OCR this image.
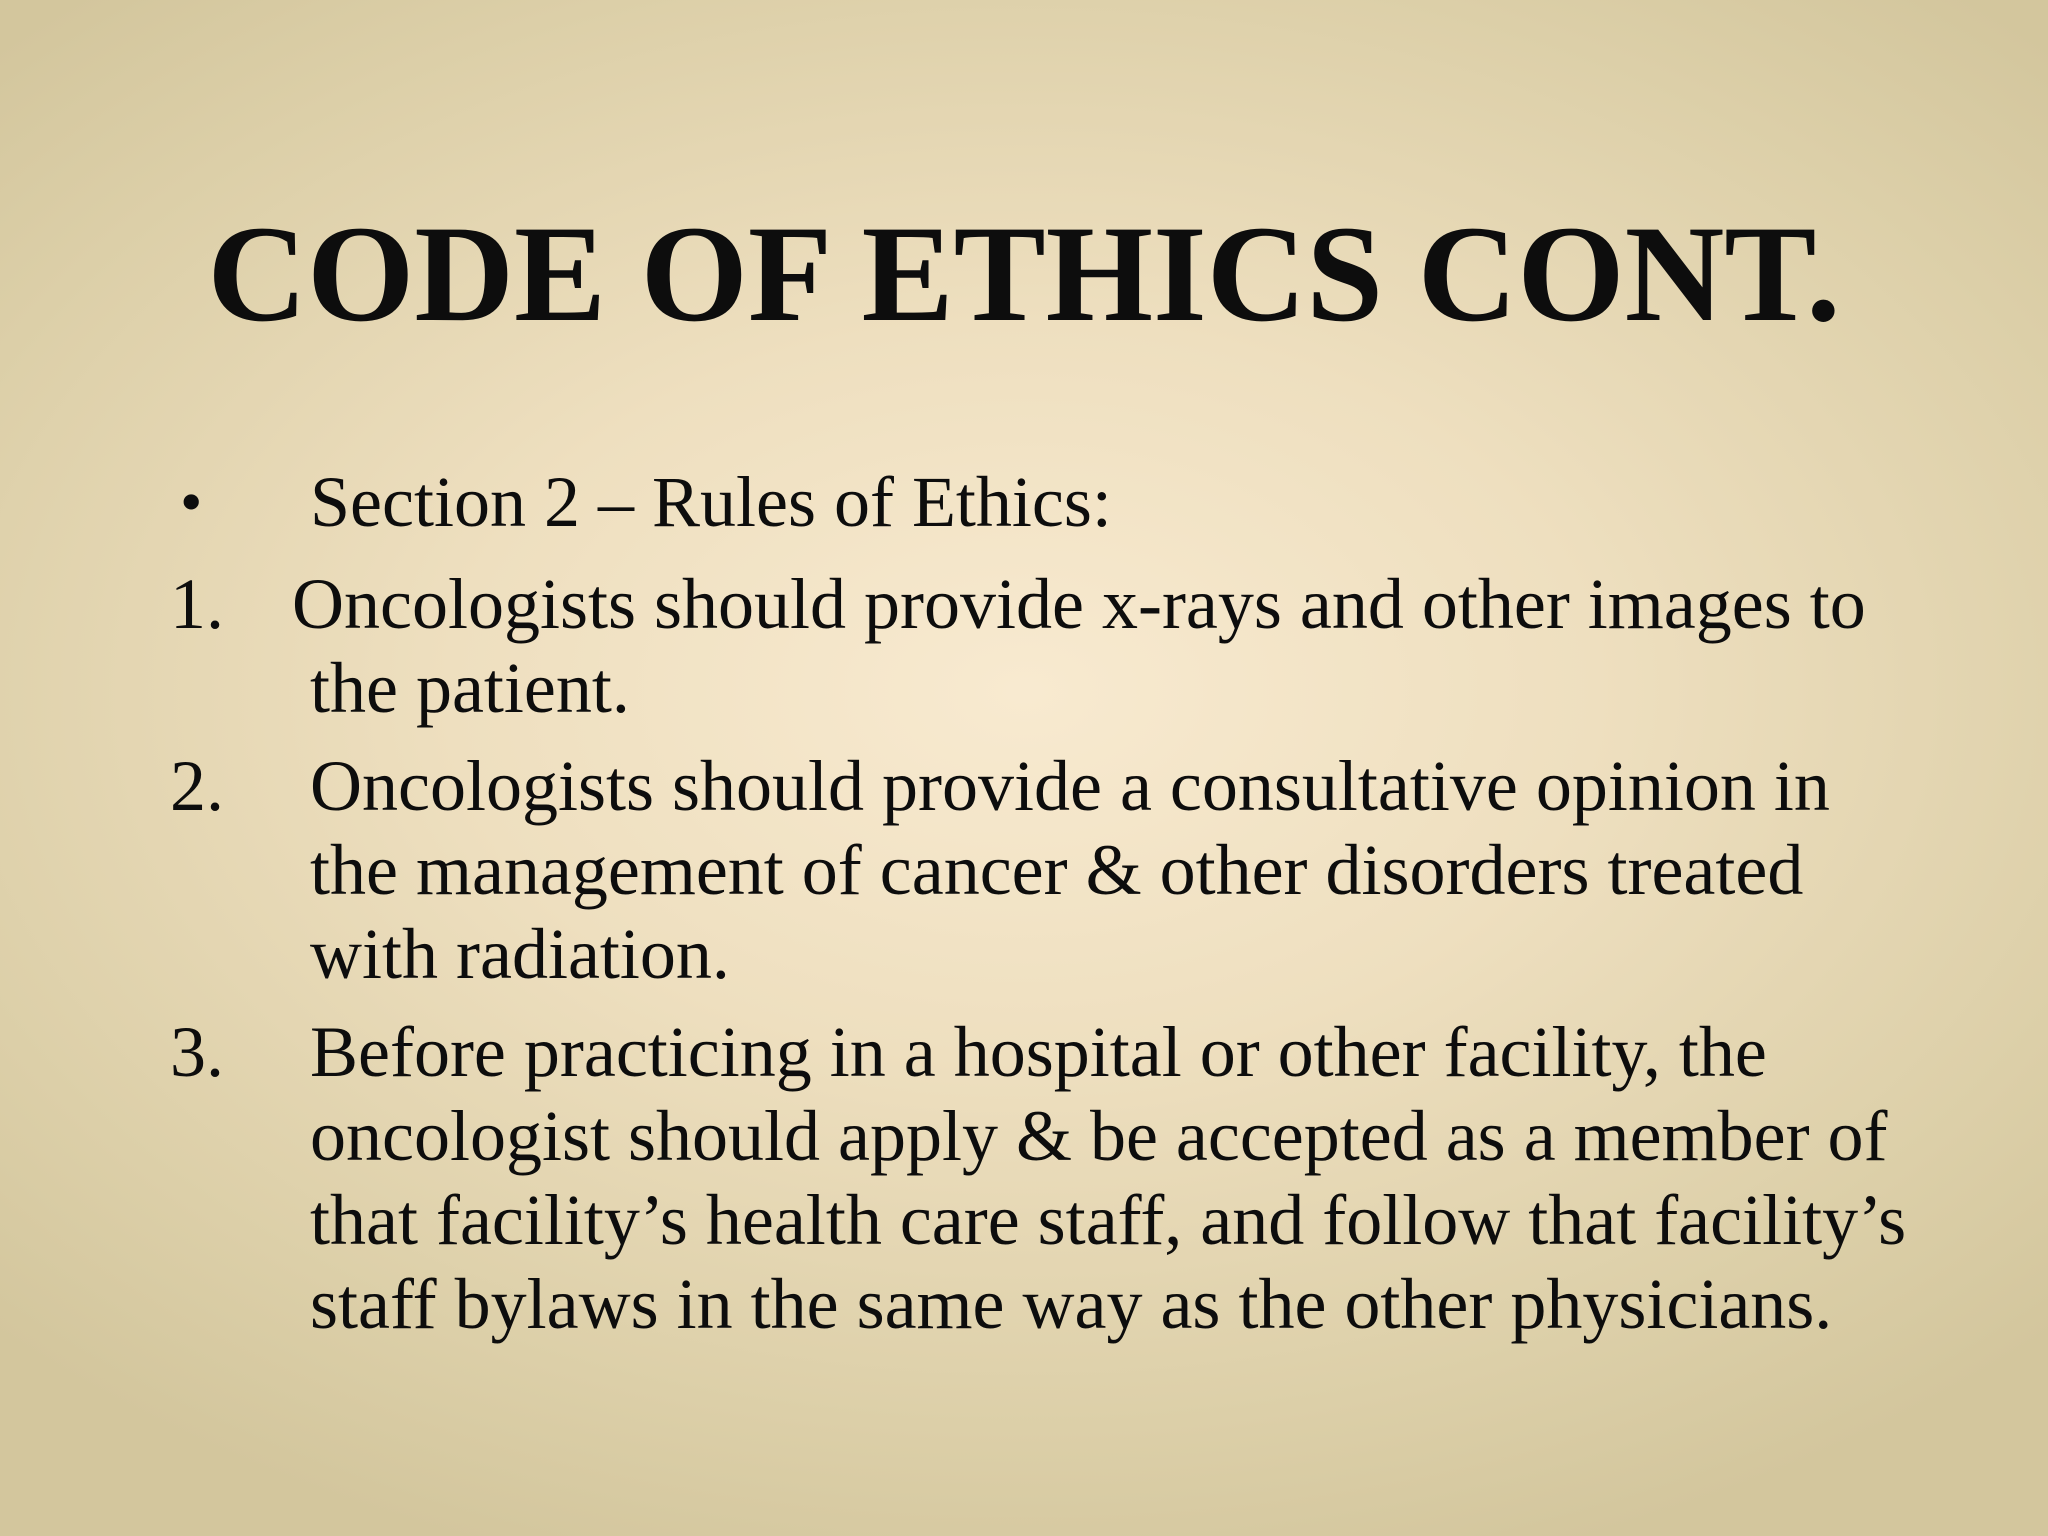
CODE OF ETHICS CONT.
• Section 2 – Rules of Ethics:
1. Oncologists should provide x-rays and other images to the patient.
2. Oncologists should provide a consultative opinion in the management of cancer & other disorders treated with radiation.
3. Before practicing in a hospital or other facility, the oncologist should apply & be accepted as a member of that facility’s health care staff, and follow that facility’s staff bylaws in the same way as the other physicians.
